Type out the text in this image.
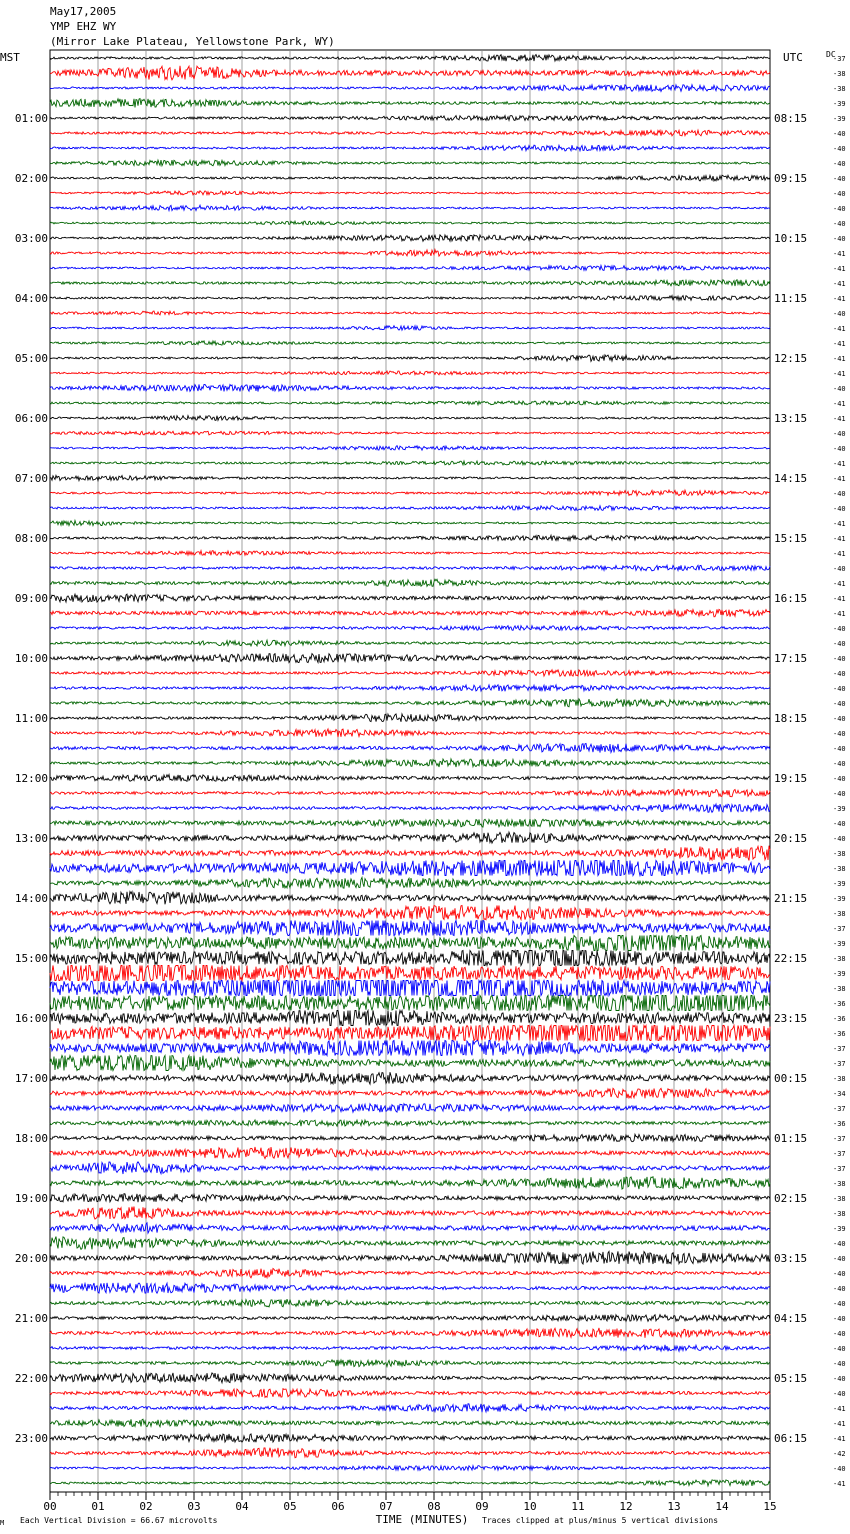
May17,2005
YMP EHZ WY
(Mirror Lake Plateau, Yellowstone Park, WY)
-37
-38
-38
-39
-39
-40
-40
-40
-40
-40
-40
-40
-40
-41
-41
-41
-41
-40
-41
-41
-41
-41
-40
-41
-41
-40
-40
-41
-41
-40
-40
-41
-41
-41
-40
-41
-41
-41
-40
-40
-40
-40
-40
-40
-40
-40
-40
-40
-40
-40
-39
-40
-40
-38
-38
-39
-39
-38
-37
-39
-38
-39
-38
-36
-36
-36
-37
-37
-38
-34
-37
-36
-37
-37
-37
-38
-38
-38
-39
-40
-40
-40
-40
-40
-40
-40
-40
-40
-40
-40
-41
-41
-41
-42
-40
-41
MST	UTC	DC
01:00	08:15
02:00	09:15
03:00	10:15
04:00	11:15
05:00	12:15
06:00	13:15
07:00	14:15
08:00	15:15
09:00	16:15
10:00	17:15
11:00	18:15
12:00	19:15
13:00	20:15
14:00	21:15
15:00	22:15
16:00	23:15
17:00	00:15
18:00	01:15
19:00	02:15
20:00	03:15
21:00	04:15
22:00	05:15
23:00	06:15
00	01	02	03	04	05	06	07	08	09	10	11	12	13	14	15
M Each Vertical Division = 66.67 microvolts	TIME (MINUTES) Traces clipped at plus/minus 5 vertical divisions
